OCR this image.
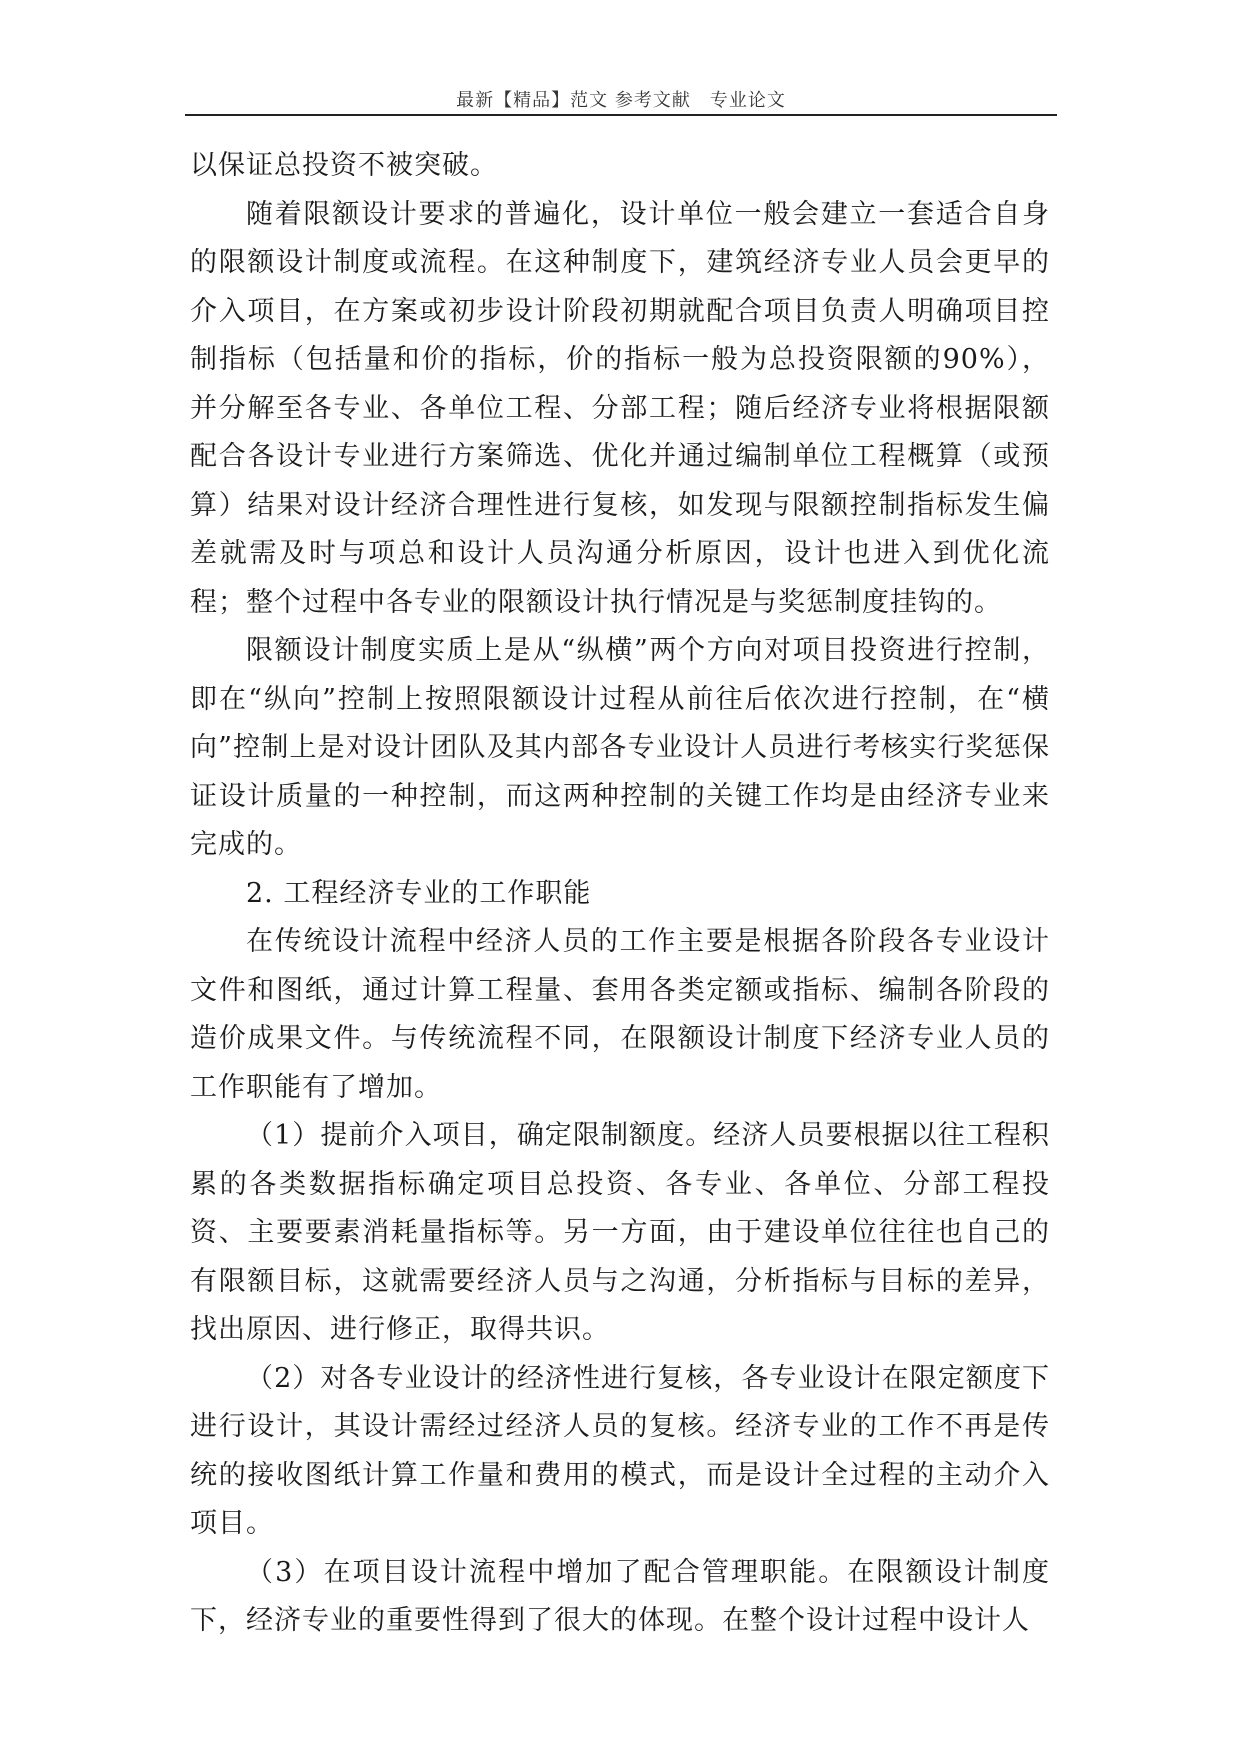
最新【精品】范文 参考文献　专业论文

以保证总投资不被突破。

随着限额设计要求的普遍化，设计单位一般会建立一套适合自身的限额设计制度或流程。在这种制度下，建筑经济专业人员会更早的介入项目，在方案或初步设计阶段初期就配合项目负责人明确项目控制指标（包括量和价的指标，价的指标一般为总投资限额的90%），并分解至各专业、各单位工程、分部工程；随后经济专业将根据限额配合各设计专业进行方案筛选、优化并通过编制单位工程概算（或预算）结果对设计经济合理性进行复核，如发现与限额控制指标发生偏差就需及时与项总和设计人员沟通分析原因，设计也进入到优化流程；整个过程中各专业的限额设计执行情况是与奖惩制度挂钩的。

限额设计制度实质上是从“纵横”两个方向对项目投资进行控制，即在“纵向”控制上按照限额设计过程从前往后依次进行控制，在“横向”控制上是对设计团队及其内部各专业设计人员进行考核实行奖惩保证设计质量的一种控制，而这两种控制的关键工作均是由经济专业来完成的。

2. 工程经济专业的工作职能

在传统设计流程中经济人员的工作主要是根据各阶段各专业设计文件和图纸，通过计算工程量、套用各类定额或指标、编制各阶段的造价成果文件。与传统流程不同，在限额设计制度下经济专业人员的工作职能有了增加。

（1）提前介入项目，确定限制额度。经济人员要根据以往工程积累的各类数据指标确定项目总投资、各专业、各单位、分部工程投资、主要要素消耗量指标等。另一方面，由于建设单位往往也自己的有限额目标，这就需要经济人员与之沟通，分析指标与目标的差异，找出原因、进行修正，取得共识。

（2）对各专业设计的经济性进行复核，各专业设计在限定额度下进行设计，其设计需经过经济人员的复核。经济专业的工作不再是传统的接收图纸计算工作量和费用的模式，而是设计全过程的主动介入项目。

（3）在项目设计流程中增加了配合管理职能。在限额设计制度下，经济专业的重要性得到了很大的体现。在整个设计过程中设计人
